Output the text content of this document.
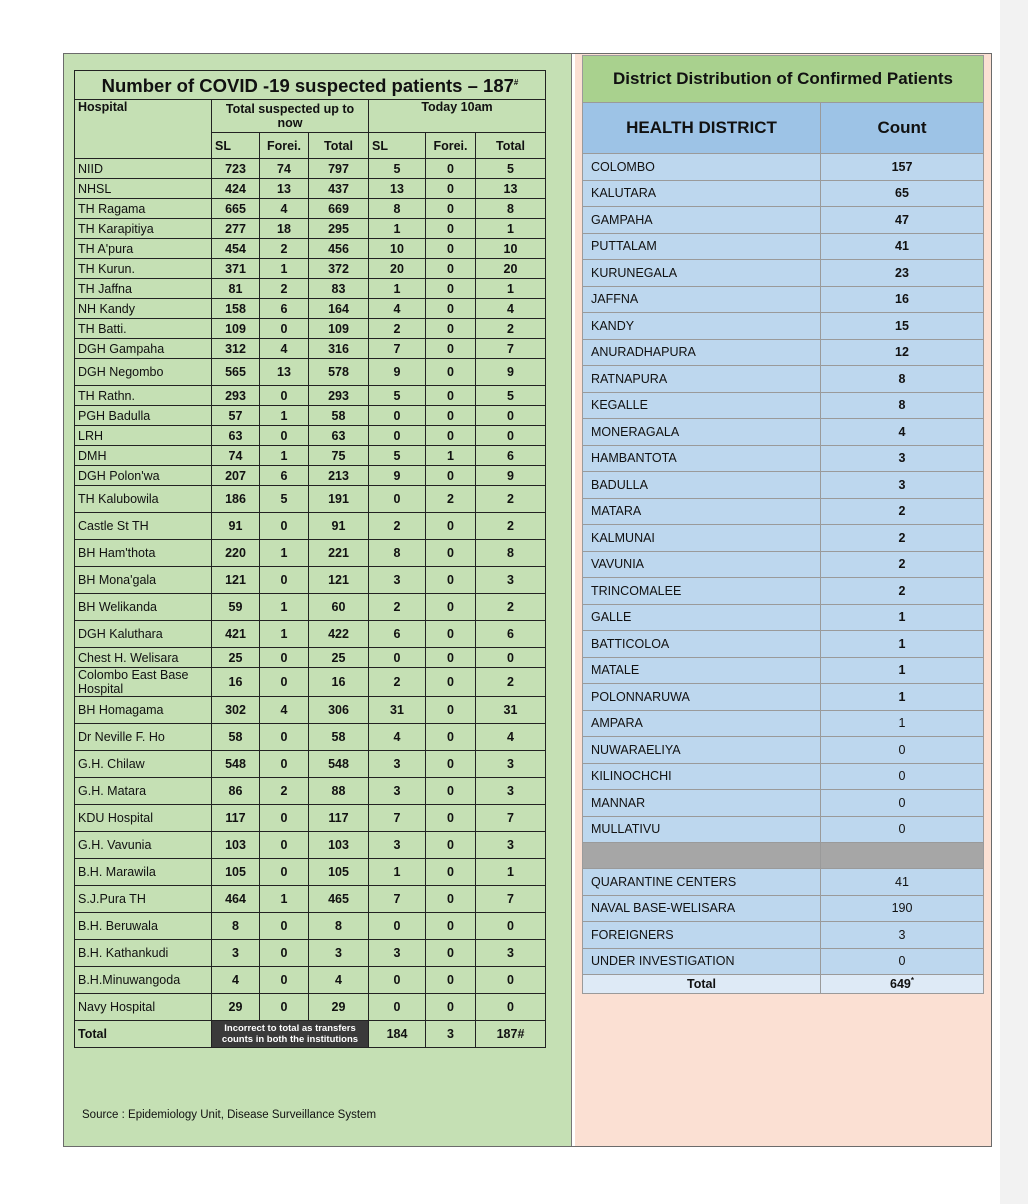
Number of COVID -19 suspected patients – 187#
Hospital	Total suspected up to now			Today 10am		
	SL	Forei.	Total	SL	Forei.	Total
NIID	723	74	797	5	0	5
NHSL	424	13	437	13	0	13
TH Ragama	665	4	669	8	0	8
TH Karapitiya	277	18	295	1	0	1
TH A'pura	454	2	456	10	0	10
TH Kurun.	371	1	372	20	0	20
TH Jaffna	81	2	83	1	0	1
NH Kandy	158	6	164	4	0	4
TH Batti.	109	0	109	2	0	2
DGH Gampaha	312	4	316	7	0	7
DGH Negombo	565	13	578	9	0	9
TH Rathn.	293	0	293	5	0	5
PGH Badulla	57	1	58	0	0	0
LRH	63	0	63	0	0	0
DMH	74	1	75	5	1	6
DGH Polon'wa	207	6	213	9	0	9
TH Kalubowila	186	5	191	0	2	2
Castle St TH	91	0	91	2	0	2
BH Ham'thota	220	1	221	8	0	8
BH Mona'gala	121	0	121	3	0	3
BH Welikanda	59	1	60	2	0	2
DGH Kaluthara	421	1	422	6	0	6
Chest H. Welisara	25	0	25	0	0	0
Colombo East Base Hospital	16	0	16	2	0	2
BH Homagama	302	4	306	31	0	31
Dr Neville F. Ho	58	0	58	4	0	4
G.H. Chilaw	548	0	548	3	0	3
G.H. Matara	86	2	88	3	0	3
KDU Hospital	117	0	117	7	0	7
G.H. Vavunia	103	0	103	3	0	3
B.H. Marawila	105	0	105	1	0	1
S.J.Pura TH	464	1	465	7	0	7
B.H. Beruwala	8	0	8	0	0	0
B.H. Kathankudi	3	0	3	3	0	3
B.H.Minuwangoda	4	0	4	0	0	0
Navy Hospital	29	0	29	0	0	0
Total	Incorrect to total as transfers counts in both the institutions			184	3	187#
Source : Epidemiology Unit, Disease Surveillance System
District Distribution of Confirmed Patients	
HEALTH DISTRICT	Count
COLOMBO	157
KALUTARA	65
GAMPAHA	47
PUTTALAM	41
KURUNEGALA	23
JAFFNA	16
KANDY	15
ANURADHAPURA	12
RATNAPURA	8
KEGALLE	8
MONERAGALA	4
HAMBANTOTA	3
BADULLA	3
MATARA	2
KALMUNAI	2
VAVUNIA	2
TRINCOMALEE	2
GALLE	1
BATTICOLOA	1
MATALE	1
POLONNARUWA	1
AMPARA	1
NUWARAELIYA	0
KILINOCHCHI	0
MANNAR	0
MULLATIVU	0

QUARANTINE CENTERS	41
NAVAL BASE-WELISARA	190
FOREIGNERS	3
UNDER INVESTIGATION	0
Total	649*
